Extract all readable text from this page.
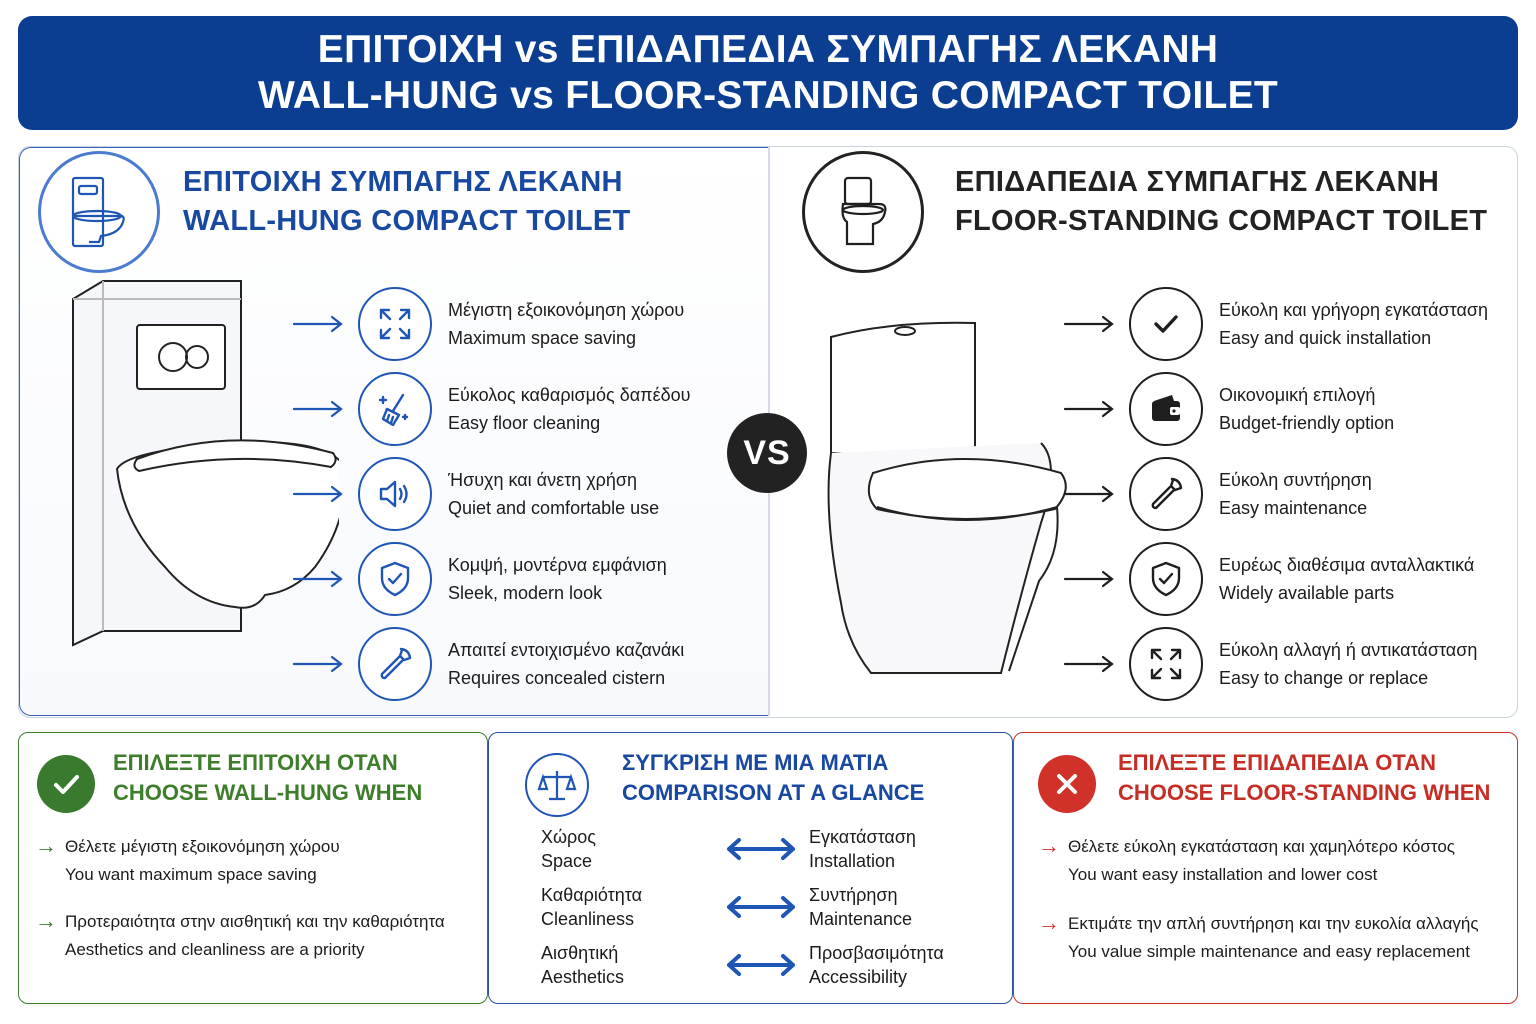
ΕΠΙΤΟΙΧΗ vs ΕΠΙΔΑΠΕΔΙΑ ΣΥΜΠΑΓΗΣ ΛΕΚΑΝΗ
WALL-HUNG vs FLOOR-STANDING COMPACT TOILET
ΕΠΙΤΟΙΧΗ ΣΥΜΠΑΓΗΣ ΛΕΚΑΝΗ
WALL-HUNG COMPACT TOILET
Μέγιστη εξοικονόμηση χώρου
Maximum space saving
Εύκολος καθαρισμός δαπέδου
Easy floor cleaning
Ήσυχη και άνετη χρήση
Quiet and comfortable use
Κομψή, μοντέρνα εμφάνιση
Sleek, modern look
Απαιτεί εντοιχισμένο καζανάκι
Requires concealed cistern
VS
ΕΠΙΔΑΠΕΔΙΑ ΣΥΜΠΑΓΗΣ ΛΕΚΑΝΗ
FLOOR-STANDING COMPACT TOILET
Εύκολη και γρήγορη εγκατάσταση
Easy and quick installation
Οικονομική επιλογή
Budget-friendly option
Εύκολη συντήρηση
Easy maintenance
Ευρέως διαθέσιμα ανταλλακτικά
Widely available parts
Εύκολη αλλαγή ή αντικατάσταση
Easy to change or replace
ΕΠΙΛΕΞΤΕ ΕΠΙΤΟΙΧΗ ΟΤΑΝ
CHOOSE WALL-HUNG WHEN
→ Θέλετε μέγιστη εξοικονόμηση χώρου
You want maximum space saving
→ Προτεραιότητα στην αισθητική και την καθαριότητα
Aesthetics and cleanliness are a priority
ΣΥΓΚΡΙΣΗ ΜΕ ΜΙΑ ΜΑΤΙΑ
COMPARISON AT A GLANCE
Χώρος
Space
Εγκατάσταση
Installation
Καθαριότητα
Cleanliness
Συντήρηση
Maintenance
Αισθητική
Aesthetics
Προσβασιμότητα
Accessibility
ΕΠΙΛΕΞΤΕ ΕΠΙΔΑΠΕΔΙΑ ΟΤΑΝ
CHOOSE FLOOR-STANDING WHEN
→ Θέλετε εύκολη εγκατάσταση και χαμηλότερο κόστος
You want easy installation and lower cost
→ Εκτιμάτε την απλή συντήρηση και την ευκολία αλλαγής
You value simple maintenance and easy replacement
